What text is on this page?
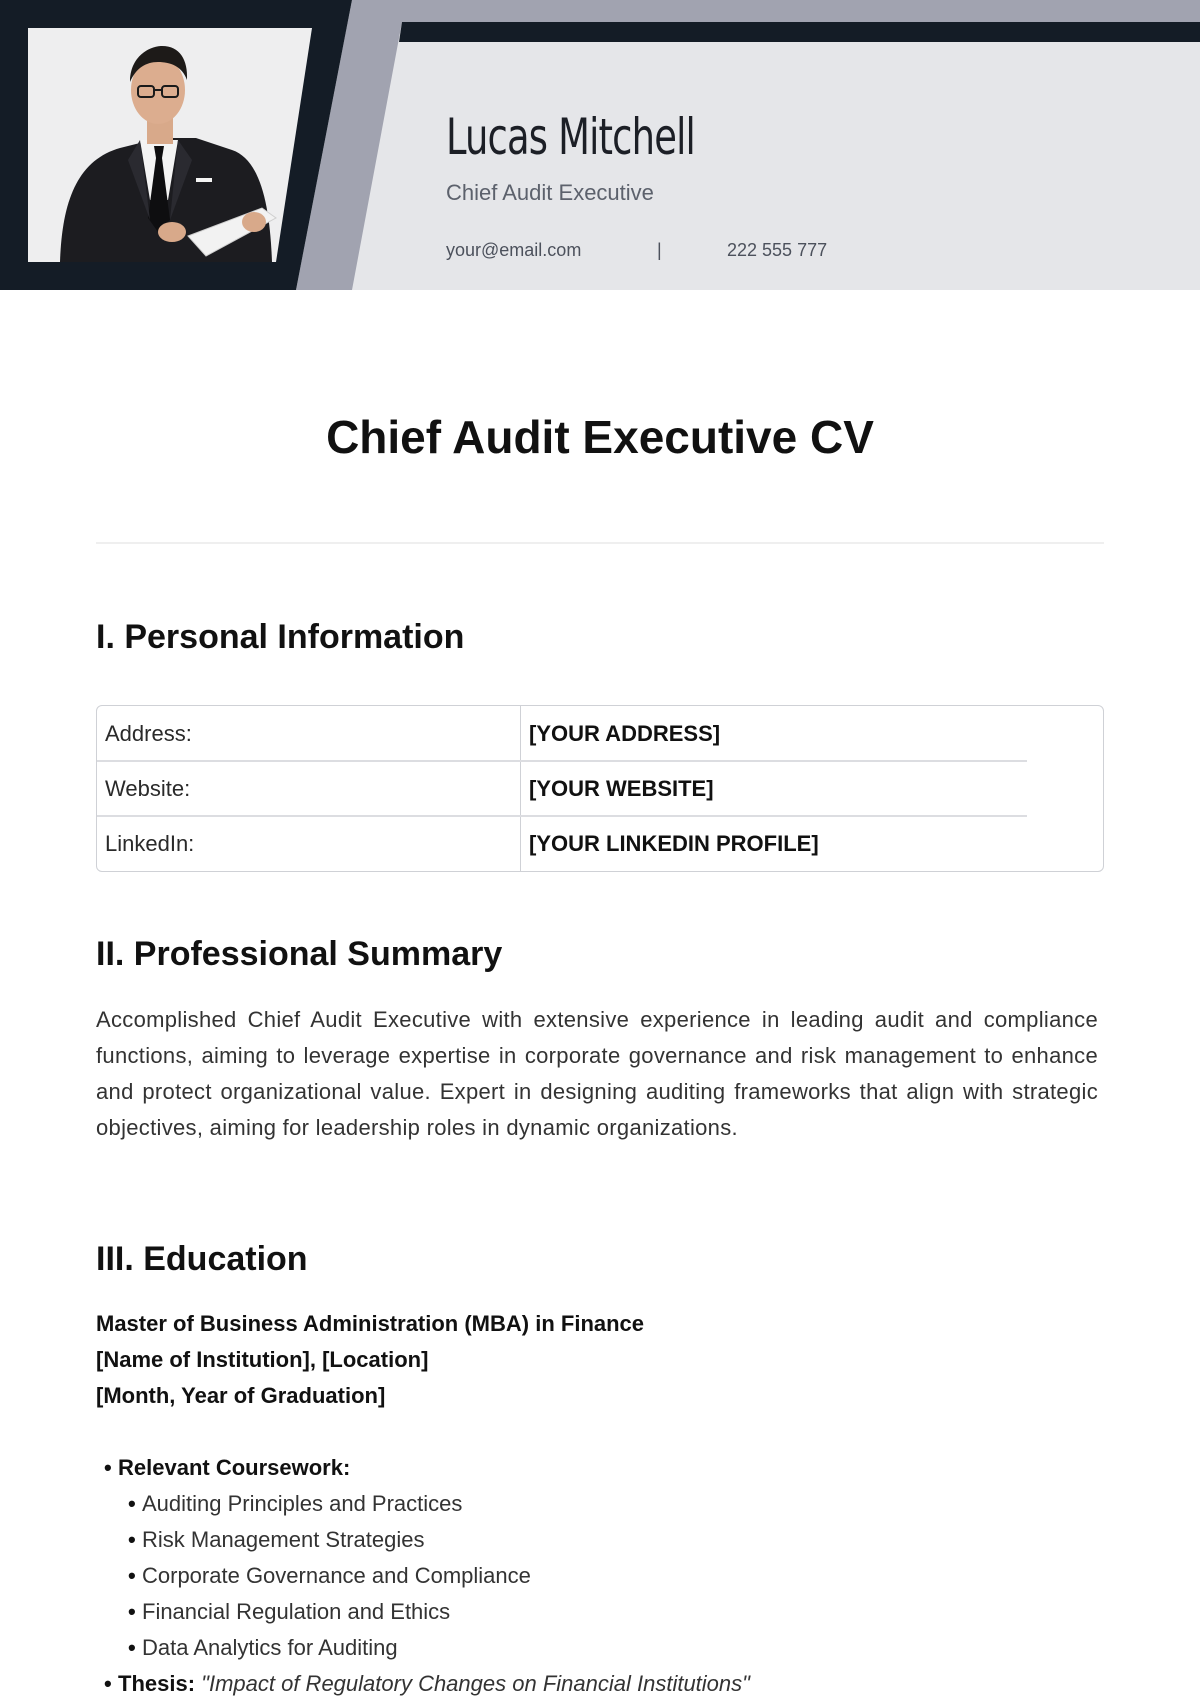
Lucas Mitchell
Chief Audit Executive
your@email.com	|	222 555 777
Chief Audit Executive CV
I. Personal Information
Address:	[YOUR ADDRESS]
Website:	[YOUR WEBSITE]
LinkedIn:	[YOUR LINKEDIN PROFILE]
II. Professional Summary

Accomplished Chief Audit Executive with extensive experience in leading audit and compliance functions, aiming to leverage expertise in corporate governance and risk management to enhance and protect organizational value. Expert in designing auditing frameworks that align with strategic objectives, aiming for leadership roles in dynamic organizations.

III. Education
Master of Business Administration (MBA) in Finance
[Name of Institution], [Location]
[Month, Year of Graduation]
• Relevant Coursework:
• Auditing Principles and Practices
• Risk Management Strategies
• Corporate Governance and Compliance
• Financial Regulation and Ethics
• Data Analytics for Auditing
• Thesis: "Impact of Regulatory Changes on Financial Institutions"
